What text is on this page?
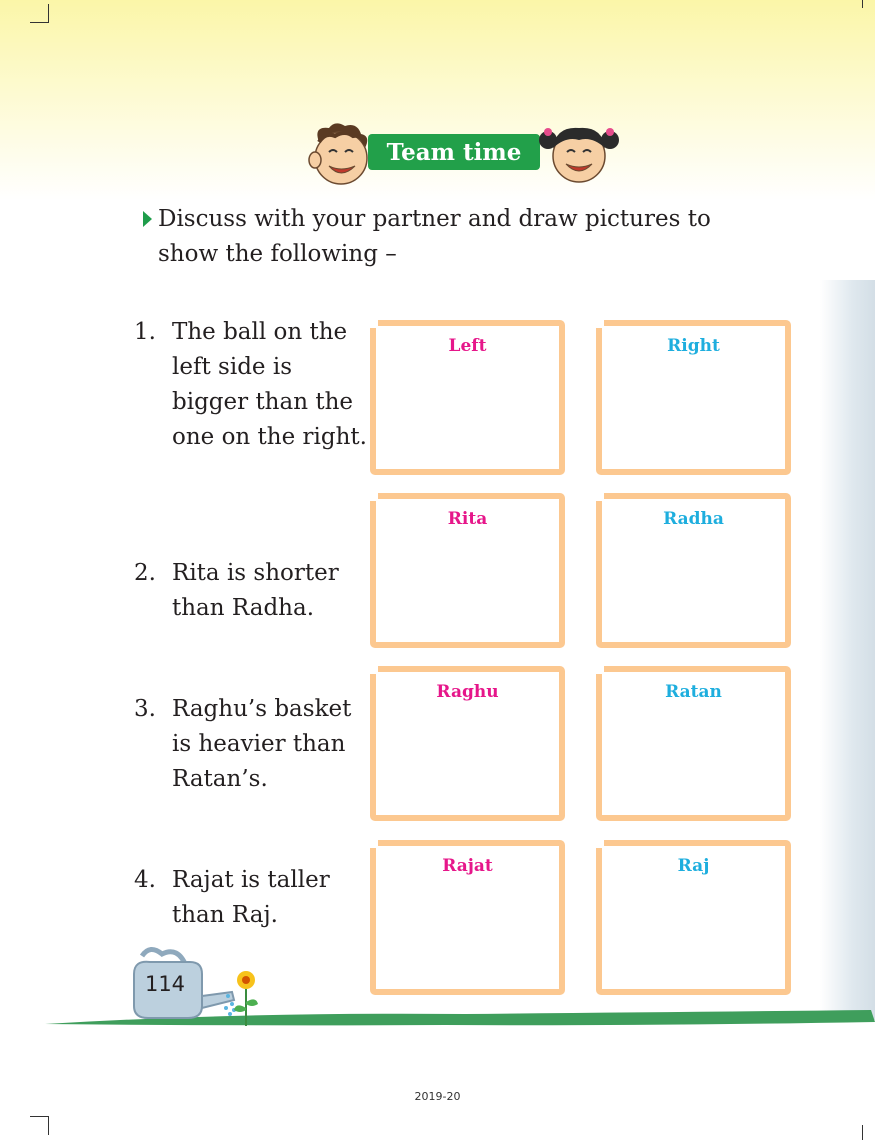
Team time
Discuss with your partner and draw pictures to show the following –
1. The ball on the left side is bigger than the one on the right.
2. Rita is shorter than Radha.
3. Raghu’s basket is heavier than Ratan’s.
4. Rajat is taller than Raj.
Left	Right
Rita	Radha
Raghu	Ratan
Rajat	Raj
114
2019-20
